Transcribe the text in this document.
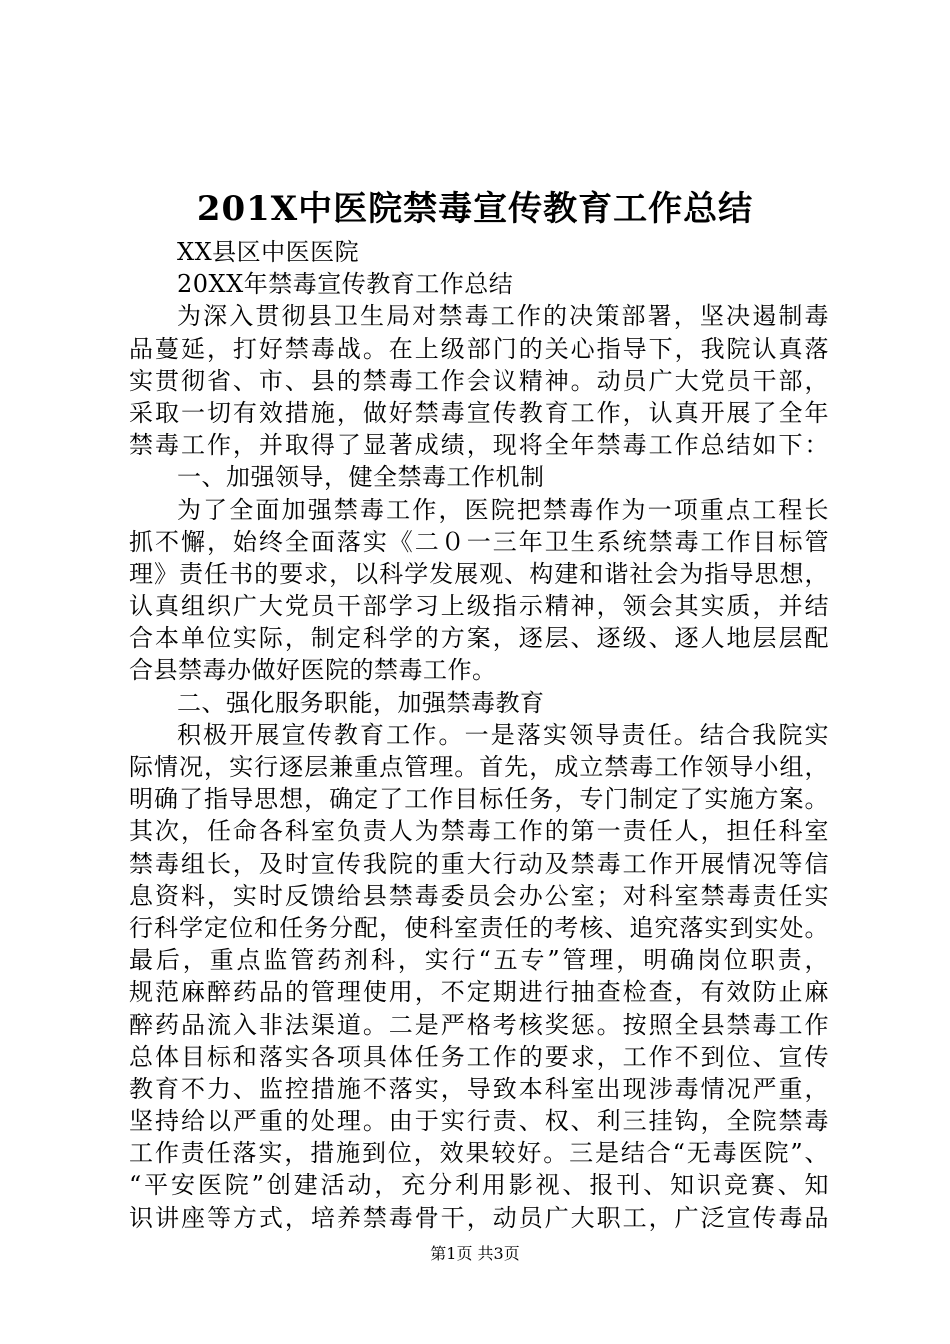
201X中医院禁毒宣传教育工作总结
XX县区中医医院
20XX年禁毒宣传教育工作总结
为深入贯彻县卫生局对禁毒工作的决策部署，坚决遏制毒
品蔓延，打好禁毒战。在上级部门的关心指导下，我院认真落
实贯彻省、市、县的禁毒工作会议精神。动员广大党员干部，
采取一切有效措施，做好禁毒宣传教育工作，认真开展了全年
禁毒工作，并取得了显著成绩，现将全年禁毒工作总结如下：
一、加强领导，健全禁毒工作机制
为了全面加强禁毒工作，医院把禁毒作为一项重点工程长
抓不懈，始终全面落实《二０一三年卫生系统禁毒工作目标管
理》责任书的要求，以科学发展观、构建和谐社会为指导思想，
认真组织广大党员干部学习上级指示精神，领会其实质，并结
合本单位实际，制定科学的方案，逐层、逐级、逐人地层层配
合县禁毒办做好医院的禁毒工作。
二、强化服务职能，加强禁毒教育
积极开展宣传教育工作。一是落实领导责任。结合我院实
际情况，实行逐层兼重点管理。首先，成立禁毒工作领导小组，
明确了指导思想，确定了工作目标任务，专门制定了实施方案。
其次，任命各科室负责人为禁毒工作的第一责任人，担任科室
禁毒组长，及时宣传我院的重大行动及禁毒工作开展情况等信
息资料，实时反馈给县禁毒委员会办公室；对科室禁毒责任实
行科学定位和任务分配，使科室责任的考核、追究落实到实处。
最后，重点监管药剂科，实行“五专”管理，明确岗位职责，
规范麻醉药品的管理使用，不定期进行抽查检查，有效防止麻
醉药品流入非法渠道。二是严格考核奖惩。按照全县禁毒工作
总体目标和落实各项具体任务工作的要求，工作不到位、宣传
教育不力、监控措施不落实，导致本科室出现涉毒情况严重，
坚持给以严重的处理。由于实行责、权、利三挂钩，全院禁毒
工作责任落实，措施到位，效果较好。三是结合“无毒医院”、
“平安医院”创建活动，充分利用影视、报刊、知识竞赛、知
识讲座等方式，培养禁毒骨干，动员广大职工，广泛宣传毒品
第1页 共3页
